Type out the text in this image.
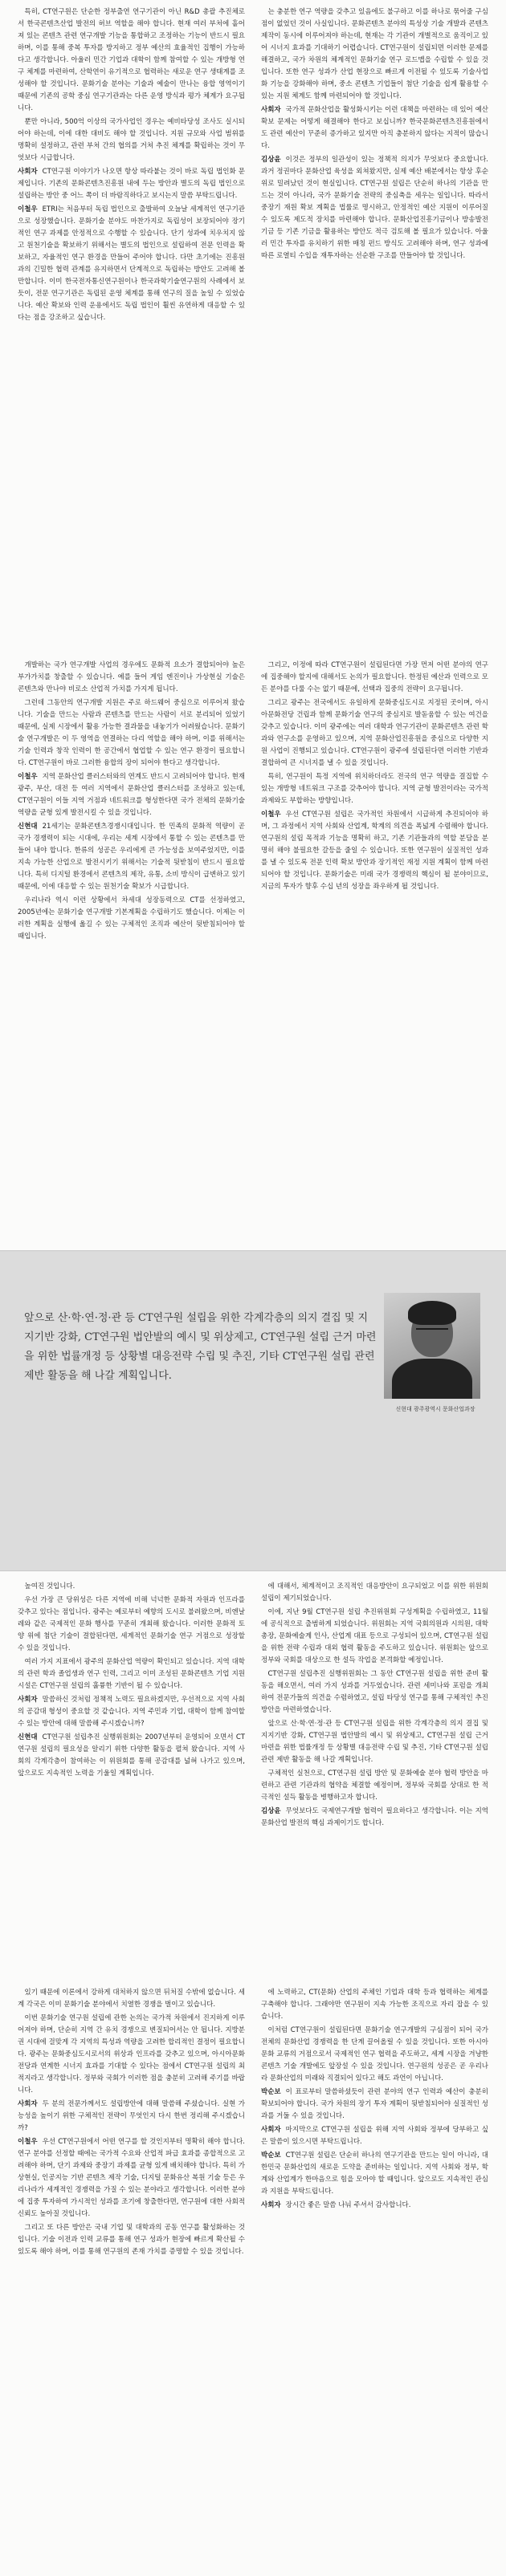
특히, CT연구원은 단순한 정부출연 연구기관이 아닌 R&D 총괄 추진체로서 한국콘텐츠산업 발전의 허브 역할을 해야 합니다. 현재 여러 부처에 흩어져 있는 콘텐츠 관련 연구개발 기능을 통합하고 조정하는 기능이 반드시 필요하며, 이를 통해 중복 투자를 방지하고 정부 예산의 효율적인 집행이 가능하다고 생각합니다. 아울러 민간 기업과 대학이 함께 참여할 수 있는 개방형 연구 체계를 마련하여, 산학연이 유기적으로 협력하는 새로운 연구 생태계를 조성해야 할 것입니다. 문화기술 분야는 기술과 예술이 만나는 융합 영역이기 때문에 기존의 공학 중심 연구기관과는 다른 운영 방식과 평가 체계가 요구됩니다.

뿐만 아니라, 500억 이상의 국가사업인 경우는 예비타당성 조사도 실시되어야 하는데, 이에 대한 대비도 해야 할 것입니다. 지원 규모와 사업 범위를 명확히 설정하고, 관련 부처 간의 협의를 거쳐 추진 체계를 확립하는 것이 무엇보다 시급합니다.

사회자 CT연구원 이야기가 나오면 항상 따라붙는 것이 바로 독립 법인화 문제입니다. 기존의 문화콘텐츠진흥원 내에 두는 방안과 별도의 독립 법인으로 설립하는 방안 중 어느 쪽이 더 바람직하다고 보시는지 말씀 부탁드립니다.

이철우 ETRI는 처음부터 독립 법인으로 출발하여 오늘날 세계적인 연구기관으로 성장했습니다. 문화기술 분야도 마찬가지로 독립성이 보장되어야 장기적인 연구 과제를 안정적으로 수행할 수 있습니다. 단기 성과에 치우치지 않고 원천기술을 확보하기 위해서는 별도의 법인으로 설립하여 전문 인력을 확보하고, 자율적인 연구 환경을 만들어 주어야 합니다. 다만 초기에는 진흥원과의 긴밀한 협력 관계를 유지하면서 단계적으로 독립하는 방안도 고려해 볼 만합니다. 이미 한국전자통신연구원이나 한국과학기술연구원의 사례에서 보듯이, 전문 연구기관은 독립된 운영 체계를 통해 연구의 질을 높일 수 있었습니다. 예산 확보와 인력 운용에서도 독립 법인이 훨씬 유연하게 대응할 수 있다는 점을 강조하고 싶습니다.

는 충분한 연구 역량을 갖추고 있음에도 불구하고 이를 하나로 묶어줄 구심점이 없었던 것이 사실입니다. 문화콘텐츠 분야의 특성상 기술 개발과 콘텐츠 제작이 동시에 이루어져야 하는데, 현재는 각 기관이 개별적으로 움직이고 있어 시너지 효과를 기대하기 어렵습니다. CT연구원이 설립되면 이러한 문제를 해결하고, 국가 차원의 체계적인 문화기술 연구 로드맵을 수립할 수 있을 것입니다. 또한 연구 성과가 산업 현장으로 빠르게 이전될 수 있도록 기술사업화 기능을 강화해야 하며, 중소 콘텐츠 기업들이 첨단 기술을 쉽게 활용할 수 있는 지원 체계도 함께 마련되어야 할 것입니다.

사회자 국가적 문화산업을 활성화시키는 이런 대책을 마련하는 데 있어 예산 확보 문제는 어떻게 해결해야 한다고 보십니까? 한국문화콘텐츠진흥원에서도 관련 예산이 꾸준히 증가하고 있지만 아직 충분하지 않다는 지적이 많습니다.

김상윤 이것은 정부의 일관성이 있는 정책적 의지가 무엇보다 중요합니다. 과거 정권마다 문화산업 육성을 외쳐왔지만, 실제 예산 배분에서는 항상 후순위로 밀려났던 것이 현실입니다. CT연구원 설립은 단순히 하나의 기관을 만드는 것이 아니라, 국가 문화기술 전략의 중심축을 세우는 일입니다. 따라서 중장기 재원 확보 계획을 법률로 명시하고, 안정적인 예산 지원이 이루어질 수 있도록 제도적 장치를 마련해야 합니다. 문화산업진흥기금이나 방송발전기금 등 기존 기금을 활용하는 방안도 적극 검토해 볼 필요가 있습니다. 아울러 민간 투자를 유치하기 위한 매칭 펀드 방식도 고려해야 하며, 연구 성과에 따른 로열티 수입을 재투자하는 선순환 구조를 만들어야 할 것입니다.

개발하는 국가 연구개발 사업의 경우에도 문화적 요소가 결합되어야 높은 부가가치를 창출할 수 있습니다. 예를 들어 게임 엔진이나 가상현실 기술은 콘텐츠와 만나야 비로소 산업적 가치를 가지게 됩니다.

그런데 그동안의 연구개발 지원은 주로 하드웨어 중심으로 이루어져 왔습니다. 기술을 만드는 사람과 콘텐츠를 만드는 사람이 서로 분리되어 있었기 때문에, 실제 시장에서 활용 가능한 결과물을 내놓기가 어려웠습니다. 문화기술 연구개발은 이 두 영역을 연결하는 다리 역할을 해야 하며, 이를 위해서는 기술 인력과 창작 인력이 한 공간에서 협업할 수 있는 연구 환경이 필요합니다. CT연구원이 바로 그러한 융합의 장이 되어야 한다고 생각합니다.

이철우 지역 문화산업 클러스터와의 연계도 반드시 고려되어야 합니다. 현재 광주, 부산, 대전 등 여러 지역에서 문화산업 클러스터를 조성하고 있는데, CT연구원이 이들 지역 거점과 네트워크를 형성한다면 국가 전체의 문화기술 역량을 균형 있게 발전시킬 수 있을 것입니다.

신현대 21세기는 문화콘텐츠경쟁시대입니다. 한 민족의 문화적 역량이 곧 국가 경쟁력이 되는 시대에, 우리는 세계 시장에서 통할 수 있는 콘텐츠를 만들어 내야 합니다. 한류의 성공은 우리에게 큰 가능성을 보여주었지만, 이를 지속 가능한 산업으로 발전시키기 위해서는 기술적 뒷받침이 반드시 필요합니다. 특히 디지털 환경에서 콘텐츠의 제작, 유통, 소비 방식이 급변하고 있기 때문에, 이에 대응할 수 있는 원천기술 확보가 시급합니다.

우리나라 역시 이런 상황에서 차세대 성장동력으로 CT를 선정하였고, 2005년에는 문화기술 연구개발 기본계획을 수립하기도 했습니다. 이제는 이러한 계획을 실행에 옮길 수 있는 구체적인 조직과 예산이 뒷받침되어야 할 때입니다.

그리고, 이정에 따라 CT연구원이 설립된다면 가장 먼저 어떤 분야의 연구에 집중해야 할지에 대해서도 논의가 필요합니다. 한정된 예산과 인력으로 모든 분야를 다룰 수는 없기 때문에, 선택과 집중의 전략이 요구됩니다.

그리고 광주는 전국에서도 유일하게 문화중심도시로 지정된 곳이며, 아시아문화전당 건립과 함께 문화기술 연구의 중심지로 발돋움할 수 있는 여건을 갖추고 있습니다. 이미 광주에는 여러 대학과 연구기관이 문화콘텐츠 관련 학과와 연구소를 운영하고 있으며, 지역 문화산업진흥원을 중심으로 다양한 지원 사업이 진행되고 있습니다. CT연구원이 광주에 설립된다면 이러한 기반과 결합하여 큰 시너지를 낼 수 있을 것입니다.

특히, 연구원이 특정 지역에 위치하더라도 전국의 연구 역량을 결집할 수 있는 개방형 네트워크 구조를 갖추어야 합니다. 지역 균형 발전이라는 국가적 과제와도 부합하는 방향입니다.

이철우 우선 CT연구원 설립은 국가적인 차원에서 시급하게 추진되어야 하며, 그 과정에서 지역 사회와 산업계, 학계의 의견을 폭넓게 수렴해야 합니다. 연구원의 설립 목적과 기능을 명확히 하고, 기존 기관들과의 역할 분담을 분명히 해야 불필요한 갈등을 줄일 수 있습니다. 또한 연구원이 실질적인 성과를 낼 수 있도록 전문 인력 확보 방안과 장기적인 재정 지원 계획이 함께 마련되어야 할 것입니다. 문화기술은 미래 국가 경쟁력의 핵심이 될 분야이므로, 지금의 투자가 향후 수십 년의 성장을 좌우하게 될 것입니다.

앞으로 산·학·연·정·관 등 CT연구원 설립을 위한 각계각층의 의지 결집 및 지지기반 강화, CT연구원 법안발의 예시 및 위상제고, CT연구원 설립 근거 마련을 위한 법률개정 등 상황별 대응전략 수립 및 추진, 기타 CT연구원 설립 관련 제반 활동을 해 나갈 계획입니다.
신현대 광주광역시 문화산업과장

높여진 것입니다.

우선 가장 큰 당위성은 다른 지역에 비해 넉넉한 문화적 자원과 인프라를 갖추고 있다는 점입니다. 광주는 예로부터 예향의 도시로 불려왔으며, 비엔날레와 같은 국제적인 문화 행사를 꾸준히 개최해 왔습니다. 이러한 문화적 토양 위에 첨단 기술이 결합된다면, 세계적인 문화기술 연구 거점으로 성장할 수 있을 것입니다.

여러 가지 지표에서 광주의 문화산업 역량이 확인되고 있습니다. 지역 대학의 관련 학과 졸업생과 연구 인력, 그리고 이미 조성된 문화콘텐츠 기업 지원 시설은 CT연구원 설립의 훌륭한 기반이 될 수 있습니다.

사회자 말씀하신 것처럼 정책적 노력도 필요하겠지만, 우선적으로 지역 사회의 공감대 형성이 중요할 것 같습니다. 지역 주민과 기업, 대학이 함께 참여할 수 있는 방안에 대해 말씀해 주시겠습니까?

신현대 CT연구원 설립추진 실행위원회는 2007년부터 운영되어 오면서 CT연구원 설립의 필요성을 알리기 위한 다양한 활동을 펼쳐 왔습니다. 지역 사회의 각계각층이 참여하는 이 위원회를 통해 공감대를 넓혀 나가고 있으며, 앞으로도 지속적인 노력을 기울일 계획입니다.

에 대해서, 체계적이고 조직적인 대응방안이 요구되었고 이를 위한 위원회 설립이 제기되었습니다.

이에, 지난 9월 CT연구원 설립 추진위원회 구성계획을 수립하였고, 11월에 공식적으로 출범하게 되었습니다. 위원회는 지역 국회의원과 시의원, 대학 총장, 문화예술계 인사, 산업계 대표 등으로 구성되어 있으며, CT연구원 설립을 위한 전략 수립과 대외 협력 활동을 주도하고 있습니다. 위원회는 앞으로 정부와 국회를 대상으로 한 설득 작업을 본격화할 예정입니다.

CT연구원 설립추진 실행위원회는 그 동안 CT연구원 설립을 위한 준비 활동을 해오면서, 여러 가지 성과를 거두었습니다. 관련 세미나와 포럼을 개최하여 전문가들의 의견을 수렴하였고, 설립 타당성 연구를 통해 구체적인 추진 방안을 마련하였습니다.

앞으로 산·학·연·정·관 등 CT연구원 설립을 위한 각계각층의 의지 결집 및 지지기반 강화, CT연구원 법안발의 예시 및 위상제고, CT연구원 설립 근거 마련을 위한 법률개정 등 상황별 대응전략 수립 및 추진, 기타 CT연구원 설립 관련 제반 활동을 해 나갈 계획입니다.

구체적인 실천으로, CT연구원 설립 방안 및 문화예술 분야 협력 방안을 마련하고 관련 기관과의 협약을 체결할 예정이며, 정부와 국회를 상대로 한 적극적인 설득 활동을 병행하고자 합니다.

김상윤 무엇보다도 국제연구개발 협력이 필요하다고 생각합니다. 이는 지역 문화산업 발전의 핵심 과제이기도 합니다.

있기 때문에 이론에서 강하게 대처하지 않으면 뒤처질 수밖에 없습니다. 세계 각국은 이미 문화기술 분야에서 치열한 경쟁을 벌이고 있습니다.

이번 문화기술 연구원 설립에 관한 논의는 국가적 차원에서 진지하게 이루어져야 하며, 단순히 지역 간 유치 경쟁으로 변질되어서는 안 됩니다. 지방분권 시대에 걸맞게 각 지역의 특성과 역량을 고려한 합리적인 결정이 필요합니다. 광주는 문화중심도시로서의 위상과 인프라를 갖추고 있으며, 아시아문화전당과 연계한 시너지 효과를 기대할 수 있다는 점에서 CT연구원 설립의 최적지라고 생각합니다. 정부와 국회가 이러한 점을 충분히 고려해 주기를 바랍니다.

사회자 두 분의 전문가께서도 설립방안에 대해 말씀해 주셨습니다. 실현 가능성을 높이기 위한 구체적인 전략이 무엇인지 다시 한번 정리해 주시겠습니까?

이철우 우선 CT연구원에서 어떤 연구를 할 것인지부터 명확히 해야 합니다. 연구 분야를 선정할 때에는 국가적 수요와 산업적 파급 효과를 종합적으로 고려해야 하며, 단기 과제와 중장기 과제를 균형 있게 배치해야 합니다. 특히 가상현실, 인공지능 기반 콘텐츠 제작 기술, 디지털 문화유산 복원 기술 등은 우리나라가 세계적인 경쟁력을 가질 수 있는 분야라고 생각합니다. 이러한 분야에 집중 투자하여 가시적인 성과를 조기에 창출한다면, 연구원에 대한 사회적 신뢰도 높아질 것입니다.

그리고 또 다른 방안은 국내 기업 및 대학과의 공동 연구를 활성화하는 것입니다. 기술 이전과 인력 교류를 통해 연구 성과가 현장에 빠르게 확산될 수 있도록 해야 하며, 이를 통해 연구원의 존재 가치를 증명할 수 있을 것입니다.

에 노력하고, CT(문화) 산업의 주체인 기업과 대학 등과 협력하는 체계를 구축해야 합니다. 그래야만 연구원이 지속 가능한 조직으로 자리 잡을 수 있습니다.

이처럼 CT연구원이 설립된다면 문화기술 연구개발의 구심점이 되어 국가 전체의 문화산업 경쟁력을 한 단계 끌어올릴 수 있을 것입니다. 또한 아시아 문화 교류의 거점으로서 국제적인 연구 협력을 주도하고, 세계 시장을 겨냥한 콘텐츠 기술 개발에도 앞장설 수 있을 것입니다. 연구원의 성공은 곧 우리나라 문화산업의 미래와 직결되어 있다고 해도 과언이 아닙니다.

박순보 이 표로부터 말씀하셨듯이 관련 분야의 연구 인력과 예산이 충분히 확보되어야 합니다. 국가 차원의 장기 투자 계획이 뒷받침되어야 실질적인 성과를 거둘 수 있을 것입니다.

사회자 마지막으로 CT연구원 설립을 위해 지역 사회와 정부에 당부하고 싶은 말씀이 있으시면 부탁드립니다.

박순보 CT연구원 설립은 단순히 하나의 연구기관을 만드는 일이 아니라, 대한민국 문화산업의 새로운 도약을 준비하는 일입니다. 지역 사회와 정부, 학계와 산업계가 한마음으로 힘을 모아야 할 때입니다. 앞으로도 지속적인 관심과 지원을 부탁드립니다.

사회자 장시간 좋은 말씀 나눠 주셔서 감사합니다.
